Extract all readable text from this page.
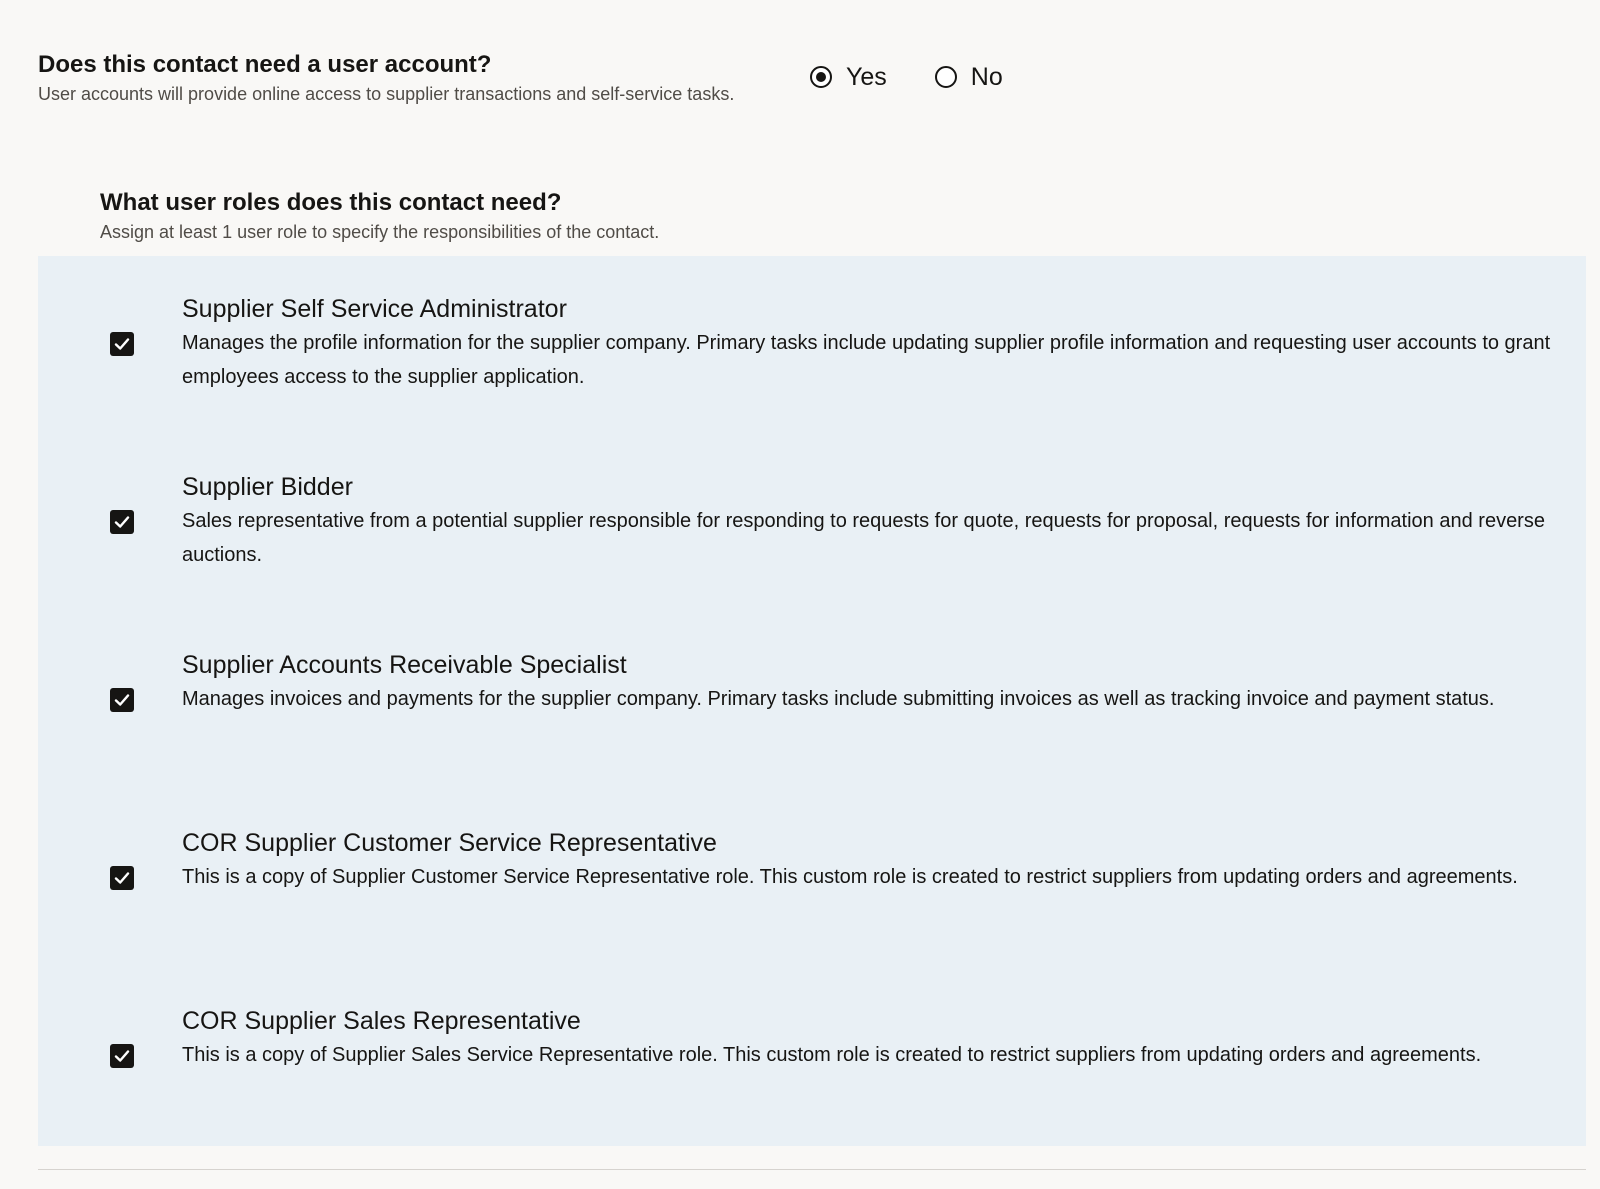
Does this contact need a user account?

User accounts will provide online access to supplier transactions and self-service tasks.

Yes	No

What user roles does this contact need?

Assign at least 1 user role to specify the responsibilities of the contact.

Supplier Self Service Administrator

Manages the profile information for the supplier company. Primary tasks include updating supplier profile information and requesting user accounts to grant employees access to the supplier application.

Supplier Bidder

Sales representative from a potential supplier responsible for responding to requests for quote, requests for proposal, requests for information and reverse auctions.

Supplier Accounts Receivable Specialist

Manages invoices and payments for the supplier company. Primary tasks include submitting invoices as well as tracking invoice and payment status.

COR Supplier Customer Service Representative

This is a copy of Supplier Customer Service Representative role. This custom role is created to restrict suppliers from updating orders and agreements.

COR Supplier Sales Representative

This is a copy of Supplier Sales Service Representative role. This custom role is created to restrict suppliers from updating orders and agreements.
